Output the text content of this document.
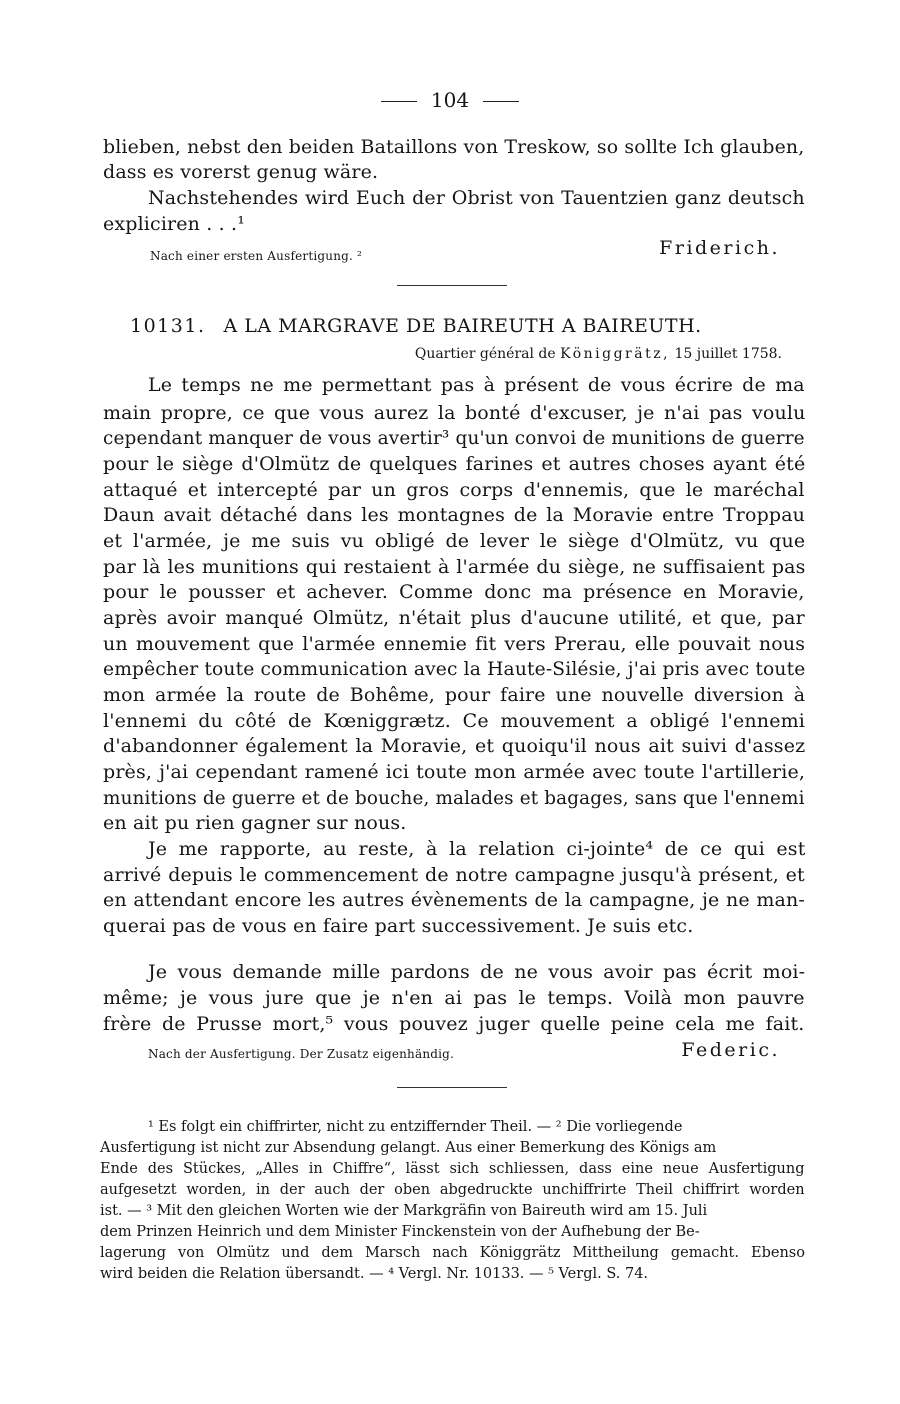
104
blieben, nebst den beiden Bataillons von Treskow, so sollte Ich glauben,
dass es vorerst genug wäre.
Nachstehendes wird Euch der Obrist von Tauentzien ganz deutsch
expliciren . . .¹
Nach einer ersten Ausfertigung. ²	Friderich.
10131. A LA MARGRAVE DE BAIREUTH A BAIREUTH.
Quartier général de Königgrätz, 15 juillet 1758.
Le temps ne me permettant pas à présent de vous écrire de ma
main propre, ce que vous aurez la bonté d'excuser, je n'ai pas voulu
cependant manquer de vous avertir³ qu'un convoi de munitions de guerre
pour le siège d'Olmütz de quelques farines et autres choses ayant été
attaqué et intercepté par un gros corps d'ennemis, que le maréchal
Daun avait détaché dans les montagnes de la Moravie entre Troppau
et l'armée, je me suis vu obligé de lever le siège d'Olmütz, vu que
par là les munitions qui restaient à l'armée du siège, ne suffisaient pas
pour le pousser et achever. Comme donc ma présence en Moravie,
après avoir manqué Olmütz, n'était plus d'aucune utilité, et que, par
un mouvement que l'armée ennemie fit vers Prerau, elle pouvait nous
empêcher toute communication avec la Haute-Silésie, j'ai pris avec toute
mon armée la route de Bohême, pour faire une nouvelle diversion à
l'ennemi du côté de Kœniggrætz. Ce mouvement a obligé l'ennemi
d'abandonner également la Moravie, et quoiqu'il nous ait suivi d'assez
près, j'ai cependant ramené ici toute mon armée avec toute l'artillerie,
munitions de guerre et de bouche, malades et bagages, sans que l'ennemi
en ait pu rien gagner sur nous.
Je me rapporte, au reste, à la relation ci-jointe⁴ de ce qui est
arrivé depuis le commencement de notre campagne jusqu'à présent, et
en attendant encore les autres évènements de la campagne, je ne man-
querai pas de vous en faire part successivement. Je suis etc.
Je vous demande mille pardons de ne vous avoir pas écrit moi-
même; je vous jure que je n'en ai pas le temps. Voilà mon pauvre
frère de Prusse mort,⁵ vous pouvez juger quelle peine cela me fait.
Nach der Ausfertigung. Der Zusatz eigenhändig.	Federic.
¹ Es folgt ein chiffrirter, nicht zu entziffernder Theil. — ² Die vorliegende
Ausfertigung ist nicht zur Absendung gelangt. Aus einer Bemerkung des Königs am
Ende des Stückes, „Alles in Chiffre“, lässt sich schliessen, dass eine neue Ausfertigung
aufgesetzt worden, in der auch der oben abgedruckte unchiffrirte Theil chiffrirt worden
ist. — ³ Mit den gleichen Worten wie der Markgräfin von Baireuth wird am 15. Juli
dem Prinzen Heinrich und dem Minister Finckenstein von der Aufhebung der Be-
lagerung von Olmütz und dem Marsch nach Königgrätz Mittheilung gemacht. Ebenso
wird beiden die Relation übersandt. — ⁴ Vergl. Nr. 10133. — ⁵ Vergl. S. 74.
